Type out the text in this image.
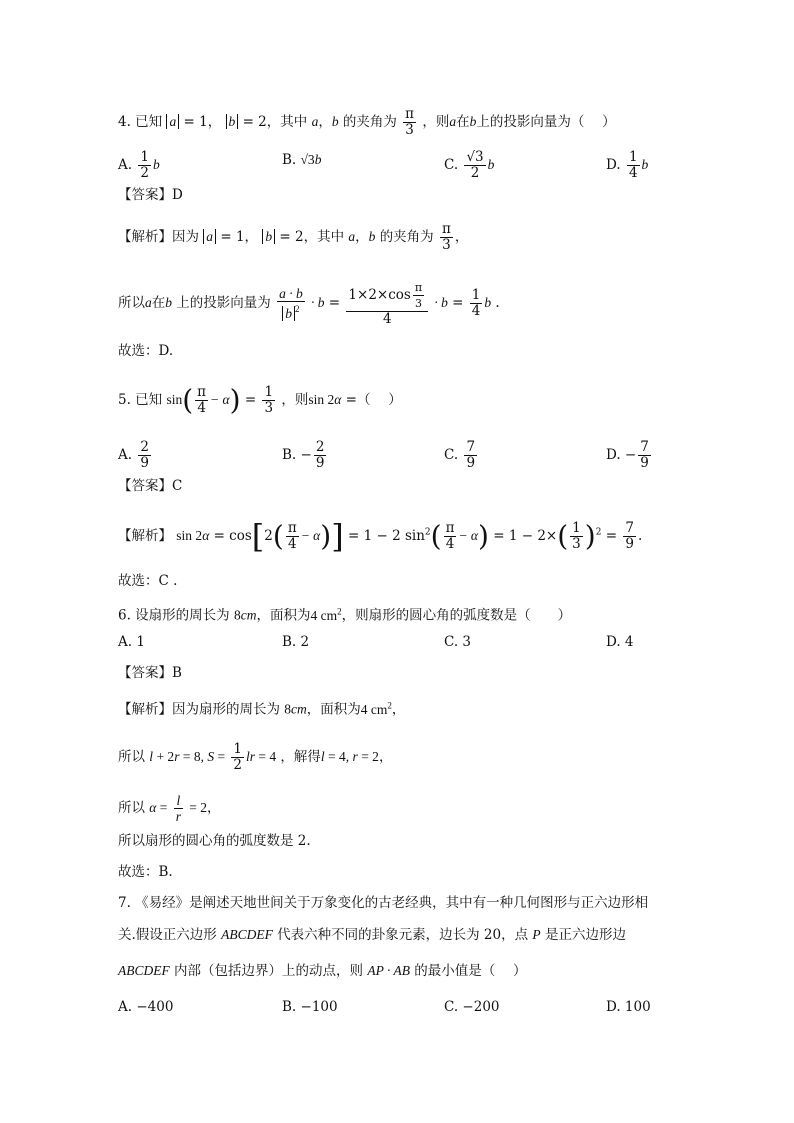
4. 已知 a = 1， b = 2，其中 a，b 的夹角为 $\frac{\pi}{3}$ ，则a在b上的投影向量为（　 ）
A. $\frac{1}{2}$ b	B. √3b	C. $\frac{√3}{2}$ b	D. $\frac{1}{4}$ b
【答案】D
【解析】因为 a = 1， b = 2，其中 a，b 的夹角为 $\frac{\pi}{3}$ ，
所以a在b 上的投影向量为 $\frac{a \cdot b}{b ^2} \cdot b = \frac{1\times 2\times\cos \frac{\pi}{3}}{4} \cdot b = \frac{1}{4}$ b .
故选：D.
5. 已知 $\sin( \frac{\pi}{4} - \alpha) = \frac{1}{3}$ ，则sin 2α =（　 ）
A. $\frac{2}{9}$	B. − $\frac{2}{9}$	C. $\frac{7}{9}$	D. − $\frac{7}{9}$
【答案】C
【解析】 $\sin 2\alpha = \cos[2( \frac{\pi}{4} - \alpha)] = 1 - 2$ $\sin^2( \frac{\pi}{4} - \alpha) = 1 - 2\times( \frac{1}{3} )^2 = \frac{7}{9}$ .
故选：C .
6. 设扇形的周长为 8cm，面积为4 $cm^2$，则扇形的圆心角的弧度数是（　　）
A. 1	B. 2	C. 3	D. 4
【答案】B
【解析】因为扇形的周长为 8cm，面积为4 $cm^2$，
所以 l + 2r = 8, $S = \frac{1}{2}$ lr = 4 ，解得l = 4, r = 2，
所以 $\alpha = \frac{l}{r} = 2$，
所以扇形的圆心角的弧度数是 2.
故选：B.
7. 《易经》是阐述天地世间关于万象变化的古老经典，其中有一种几何图形与正六边形相
关.假设正六边形 ABCDEF 代表六种不同的卦象元素，边长为 20，点 P 是正六边形边
ABCDEF 内部（包括边界）上的动点，则 AP · AB 的最小值是（　 ）
A. −400	B. −100	C. −200	D. 100
